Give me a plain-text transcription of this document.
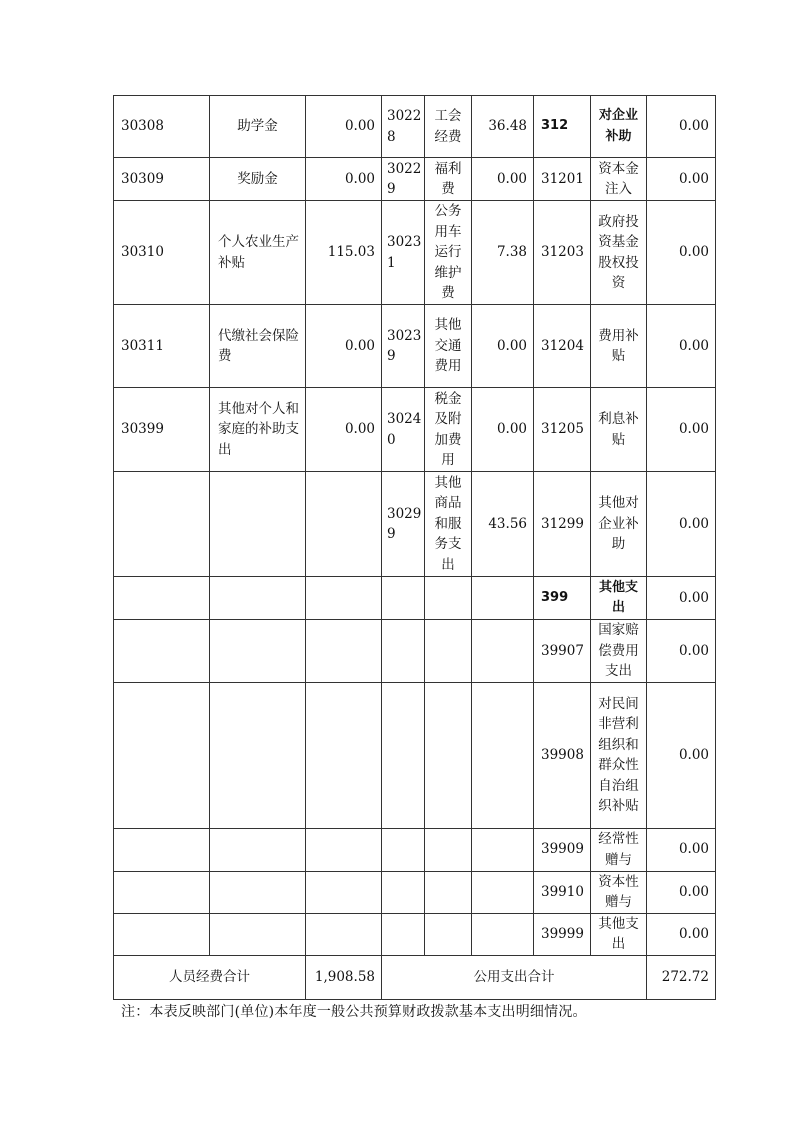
30308	助学金	0.00	30228	工会经费	36.48	312	对企业补助	0.00
30309	奖励金	0.00	30229	福利费	0.00	31201	资本金注入	0.00
30310	个人农业生产补贴	115.03	30231	公务用车运行维护费	7.38	31203	政府投资基金股权投资	0.00
30311	代缴社会保险费	0.00	30239	其他交通费用	0.00	31204	费用补贴	0.00
30399	其他对个人和家庭的补助支出	0.00	30240	税金及附加费用	0.00	31205	利息补贴	0.00
			30299	其他商品和服务支出	43.56	31299	其他对企业补助	0.00
						399	其他支出	0.00
						39907	国家赔偿费用支出	0.00
						39908	对民间非营利组织和群众性自治组织补贴	0.00
						39909	经常性赠与	0.00
						39910	资本性赠与	0.00
						39999	其他支出	0.00
人员经费合计		1,908.58	公用支出合计					272.72
注：本表反映部门(单位)本年度一般公共预算财政拨款基本支出明细情况。
